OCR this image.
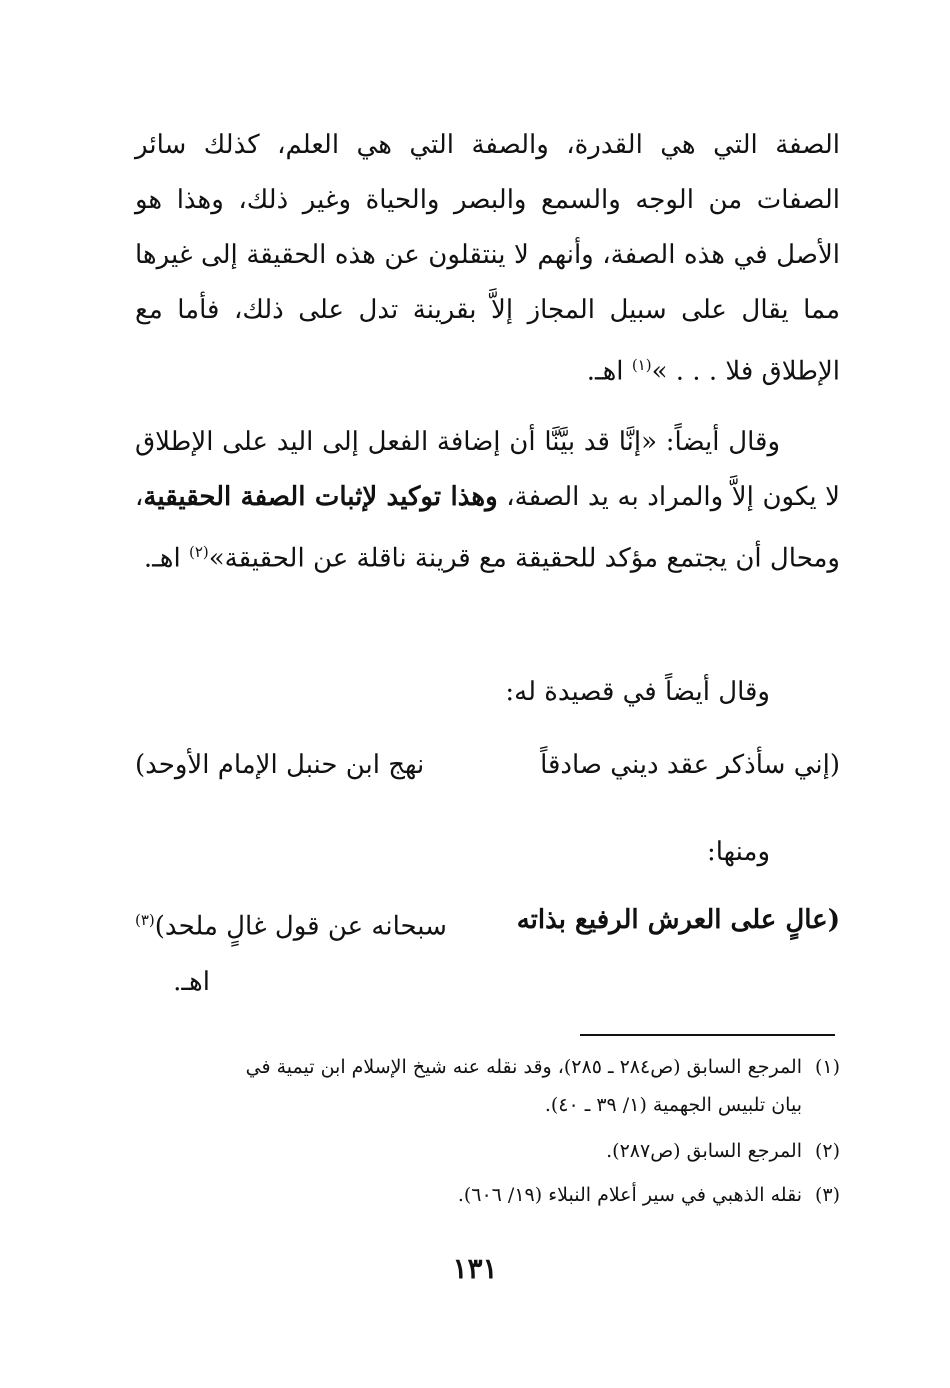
الصفة التي هي القدرة، والصفة التي هي العلم، كذلك سائر الصفات من الوجه والسمع والبصر والحياة وغير ذلك، وهذا هو الأصل في هذه الصفة، وأنهم لا ينتقلون عن هذه الحقيقة إلى غيرها مما يقال على سبيل المجاز إلاَّ بقرينة تدل على ذلك، فأما مع الإطلاق فلا . . . »$^{(١)}$ اهـ.

وقال أيضاً: «إنَّا قد بيَّنَّا أن إضافة الفعل إلى اليد على الإطلاق لا يكون إلاَّ والمراد به يد الصفة، وهذا توكيد لإثبات الصفة الحقيقية، ومحال أن يجتمع مؤكد للحقيقة مع قرينة ناقلة عن الحقيقة»$^{(٢)}$ اهـ.

وقال أيضاً في قصيدة له:

(إني سأذكر عقد ديني صادقاً
نهج ابن حنبل الإمام الأوحد)

ومنها:

(عالٍ على العرش الرفيع بذاته
سبحانه عن قول غالٍ ملحد)$^{(٣)}$

اهـ.

(١)المرجع السابق (ص٢٨٤ ـ ٢٨٥)، وقد نقله عنه شيخ الإسلام ابن تيمية في
بيان تلبيس الجهمية (١/ ٣٩ ـ ٤٠).
(٢)المرجع السابق (ص٢٨٧).
(٣)نقله الذهبي في سير أعلام النبلاء (١٩/ ٦٠٦).
١٣١
